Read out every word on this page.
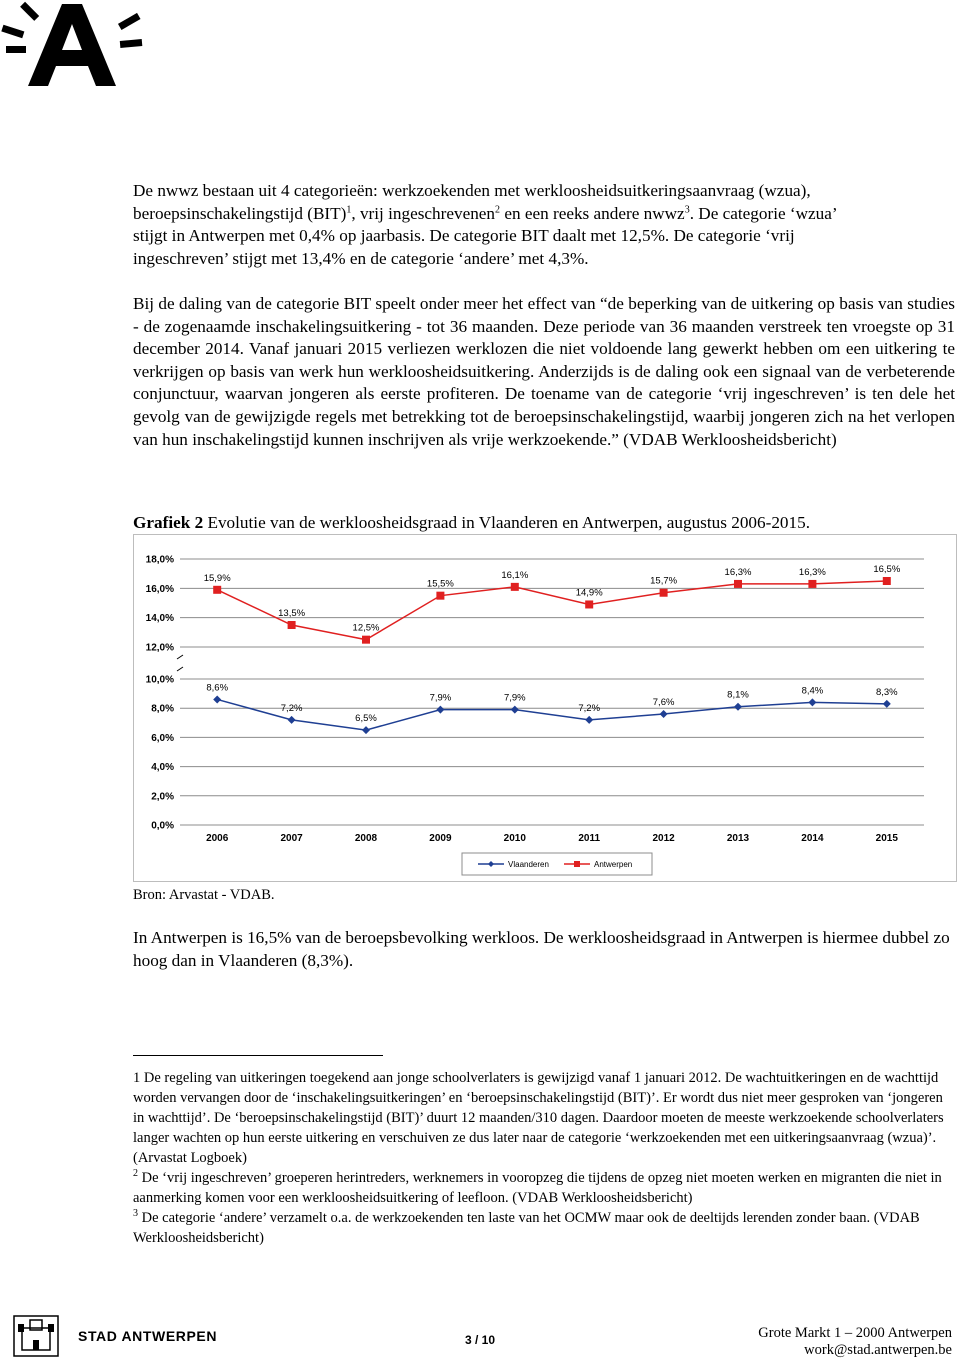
De nwwz bestaan uit 4 categorieën: werkzoekenden met werkloosheidsuitkeringsaanvraag (wzua),
beroepsinschakelingstijd (BIT)$^1$, vrij ingeschrevenen$^2$ en een reeks andere nwwz$^3$. De categorie ‘wzua’
stijgt in Antwerpen met 0,4% op jaarbasis. De categorie BIT daalt met 12,5%. De categorie ‘vrij
ingeschreven’ stijgt met 13,4% en de categorie ‘andere’ met 4,3%.

Bij de daling van de categorie BIT speelt onder meer het effect van “de beperking van de uitkering op basis van studies - de zogenaamde inschakelingsuitkering - tot 36 maanden. Deze periode van 36 maanden verstreek ten vroegste op 31 december 2014. Vanaf januari 2015 verliezen werklozen die niet voldoende lang gewerkt hebben om een uitkering te verkrijgen op basis van werk hun werkloosheidsuitkering. Anderzijds is de daling ook een signaal van de verbeterende conjunctuur, waarvan jongeren als eerste profiteren. De toename van de categorie ‘vrij ingeschreven’ is ten dele het gevolg van de gewijzigde regels met betrekking tot de beroepsinschakelingstijd, waarbij jongeren zich na het verlopen van hun inschakelingstijd kunnen inschrijven als vrije werkzoekende.” (VDAB Werkloosheidsbericht)

Grafiek 2 Evolutie van de werkloosheidsgraad in Vlaanderen en Antwerpen, augustus 2006-2015.
0,0%
2,0%
4,0%
6,0%
8,0%
10,0%
12,0%
14,0%
16,0%
18,0%
2006	2007	2008	2009	2010	2011	2012	2013	2014	2015
8,6%
7,2%
6,5%
7,9%	7,9%
7,2%
7,6%
8,1%	8,4%	8,3%
15,9%
13,5%
12,5%
15,5%
16,1%
14,9%
15,7%
16,3%	16,3%	16,5%
Vlaanderen	Antwerpen
Bron: Arvastat - VDAB.

In Antwerpen is 16,5% van de beroepsbevolking werkloos. De werkloosheidsgraad in Antwerpen is hiermee dubbel zo hoog dan in Vlaanderen (8,3%).

1 De regeling van uitkeringen toegekend aan jonge schoolverlaters is gewijzigd vanaf 1 januari 2012. De wachtuitkeringen en de wachttijd worden vervangen door de ‘inschakelingsuitkeringen’ en ‘beroepsinschakelingstijd (BIT)’. Er wordt dus niet meer gesproken van ‘jongeren in wachttijd’. De ‘beroepsinschakelingstijd (BIT)’ duurt 12 maanden/310 dagen. Daardoor moeten de meeste werkzoekende schoolverlaters langer wachten op hun eerste uitkering en verschuiven ze dus later naar de categorie ‘werkzoekenden met een uitkeringsaanvraag (wzua)’. (Arvastat Logboek)

$^2$ De ‘vrij ingeschreven’ groeperen herintreders, werknemers in vooropzeg die tijdens de opzeg niet moeten werken en migranten die niet in aanmerking komen voor een werkloosheidsuitkering of leefloon. (VDAB Werkloosheidsbericht)

$^3$ De categorie ‘andere’ verzamelt o.a. de werkzoekenden ten laste van het OCMW maar ook de deeltijds lerenden zonder baan. (VDAB Werkloosheidsbericht)

STAD ANTWERPEN	3 / 10	Grote Markt 1 – 2000 Antwerpen
work@stad.antwerpen.be
